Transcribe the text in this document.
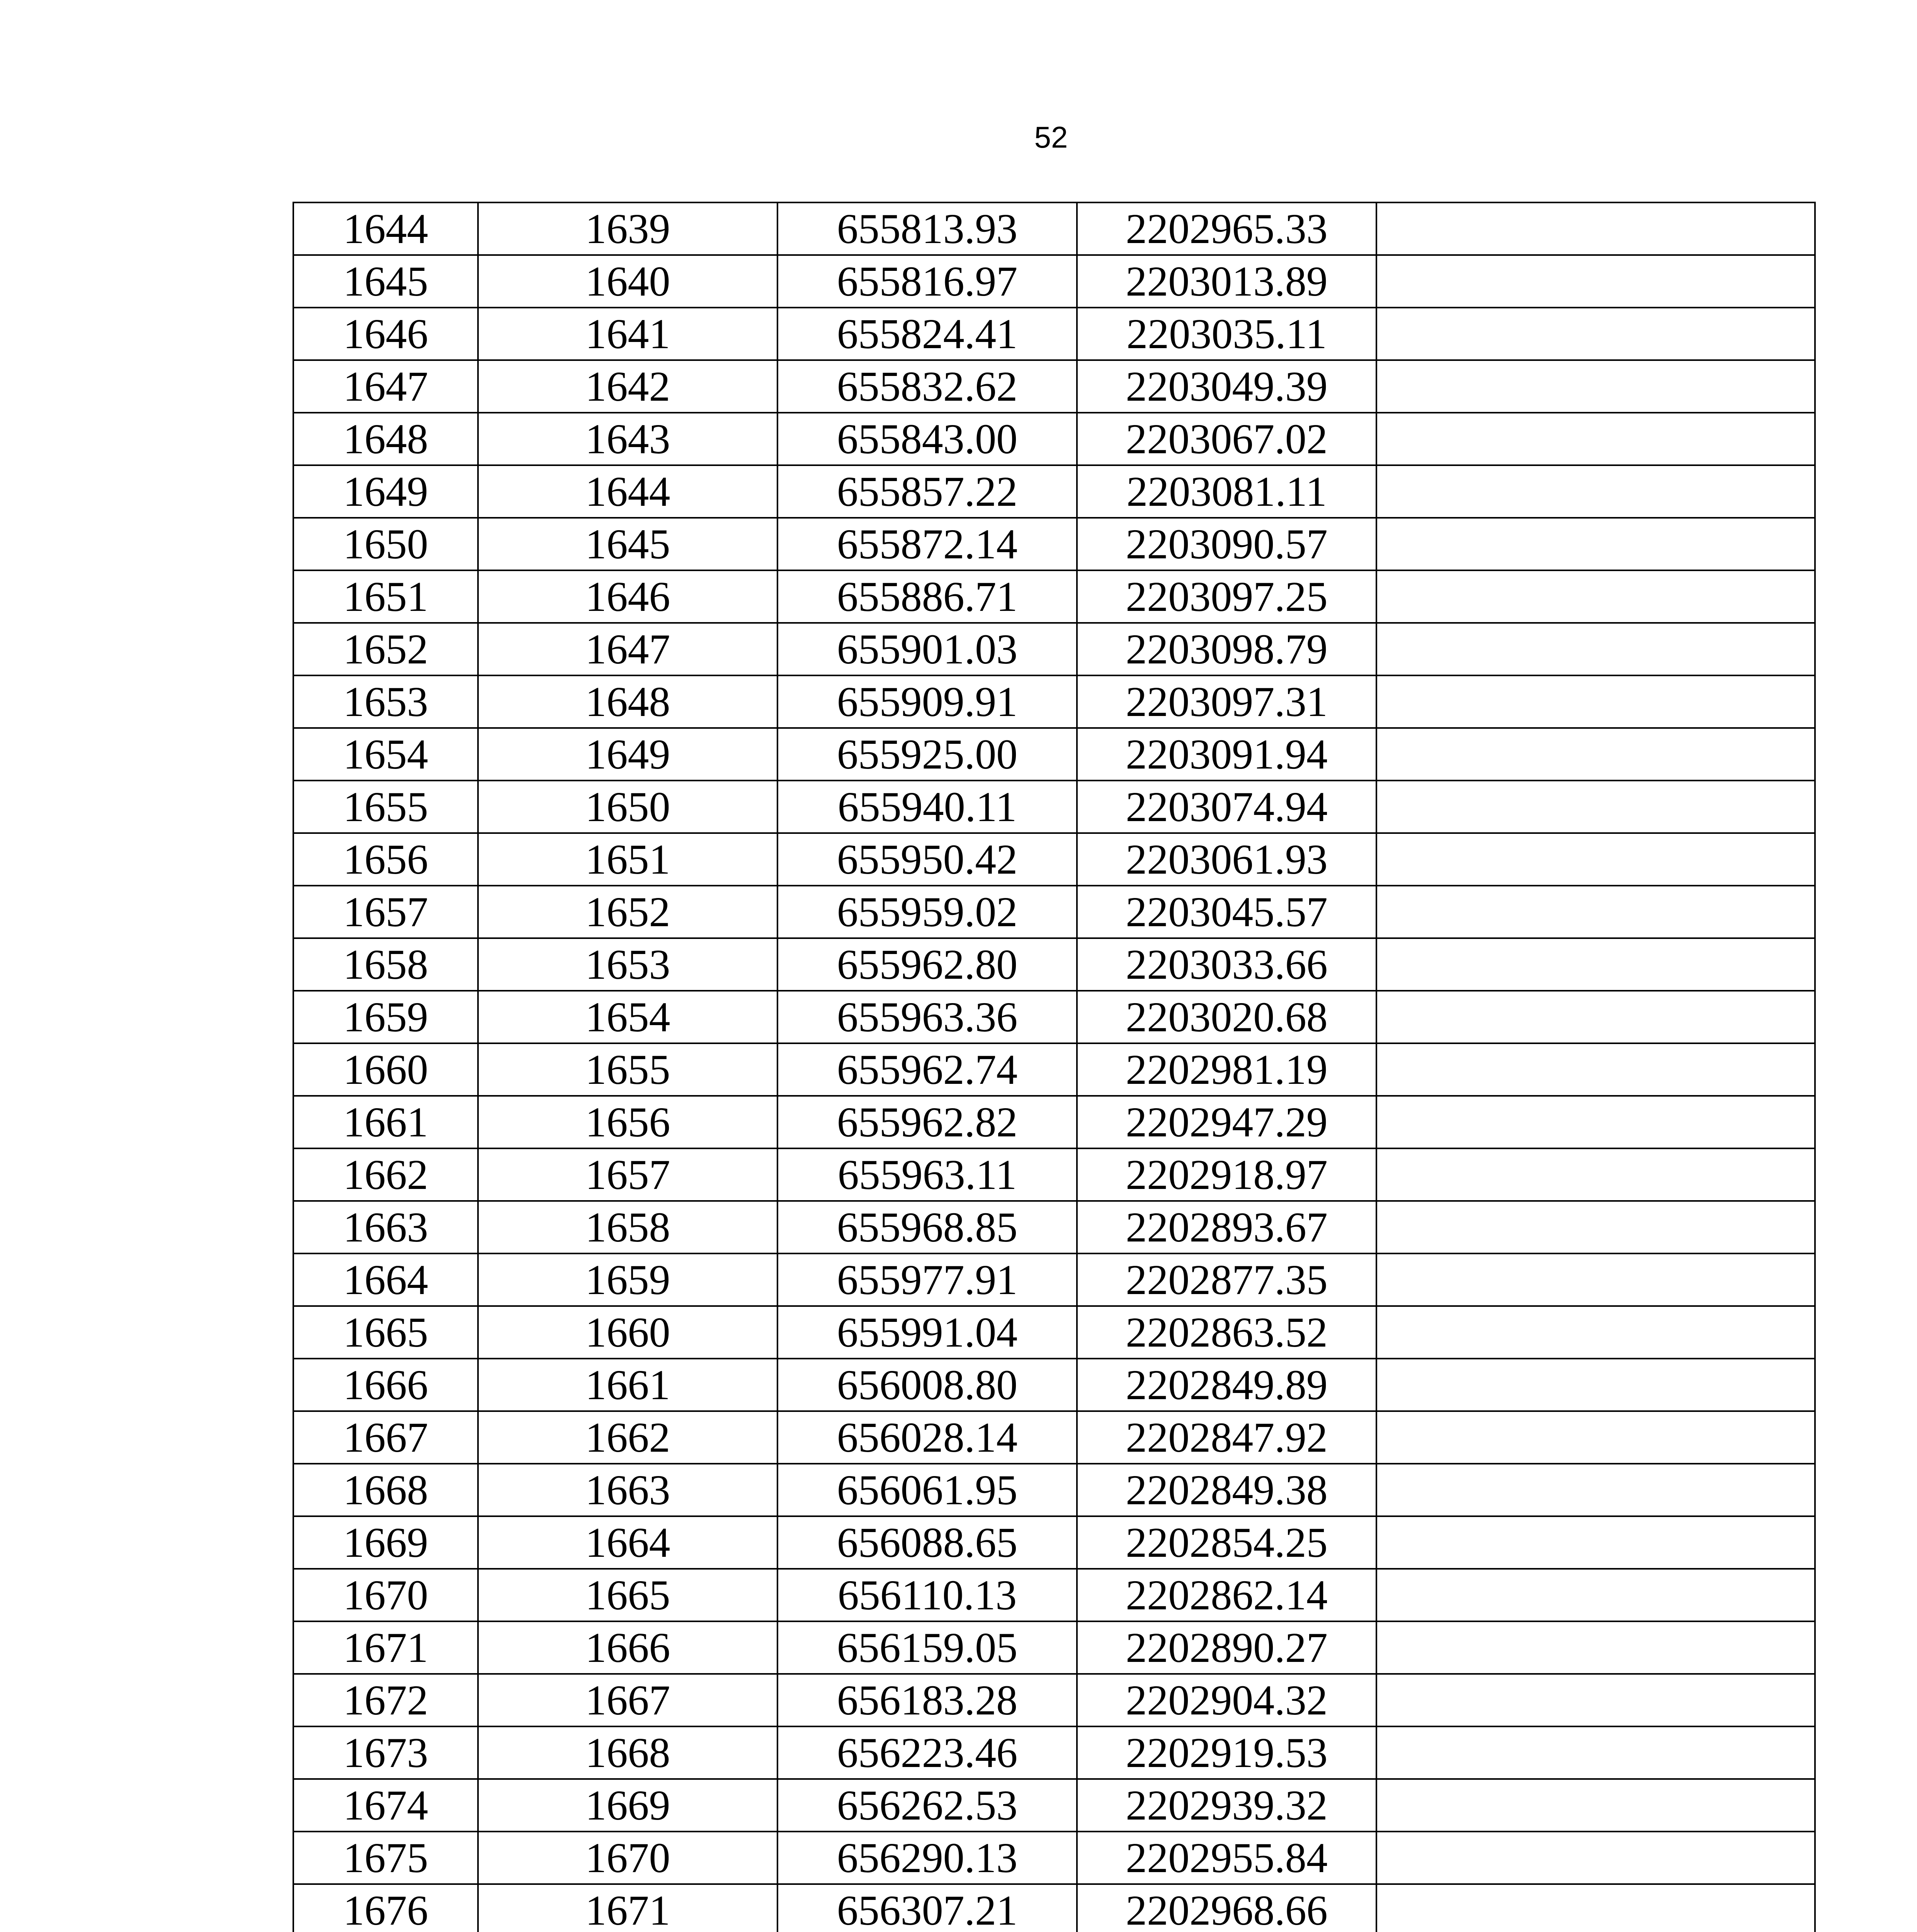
52
1644	1639	655813.93	2202965.33	
1645	1640	655816.97	2203013.89	
1646	1641	655824.41	2203035.11	
1647	1642	655832.62	2203049.39	
1648	1643	655843.00	2203067.02	
1649	1644	655857.22	2203081.11	
1650	1645	655872.14	2203090.57	
1651	1646	655886.71	2203097.25	
1652	1647	655901.03	2203098.79	
1653	1648	655909.91	2203097.31	
1654	1649	655925.00	2203091.94	
1655	1650	655940.11	2203074.94	
1656	1651	655950.42	2203061.93	
1657	1652	655959.02	2203045.57	
1658	1653	655962.80	2203033.66	
1659	1654	655963.36	2203020.68	
1660	1655	655962.74	2202981.19	
1661	1656	655962.82	2202947.29	
1662	1657	655963.11	2202918.97	
1663	1658	655968.85	2202893.67	
1664	1659	655977.91	2202877.35	
1665	1660	655991.04	2202863.52	
1666	1661	656008.80	2202849.89	
1667	1662	656028.14	2202847.92	
1668	1663	656061.95	2202849.38	
1669	1664	656088.65	2202854.25	
1670	1665	656110.13	2202862.14	
1671	1666	656159.05	2202890.27	
1672	1667	656183.28	2202904.32	
1673	1668	656223.46	2202919.53	
1674	1669	656262.53	2202939.32	
1675	1670	656290.13	2202955.84	
1676	1671	656307.21	2202968.66	
